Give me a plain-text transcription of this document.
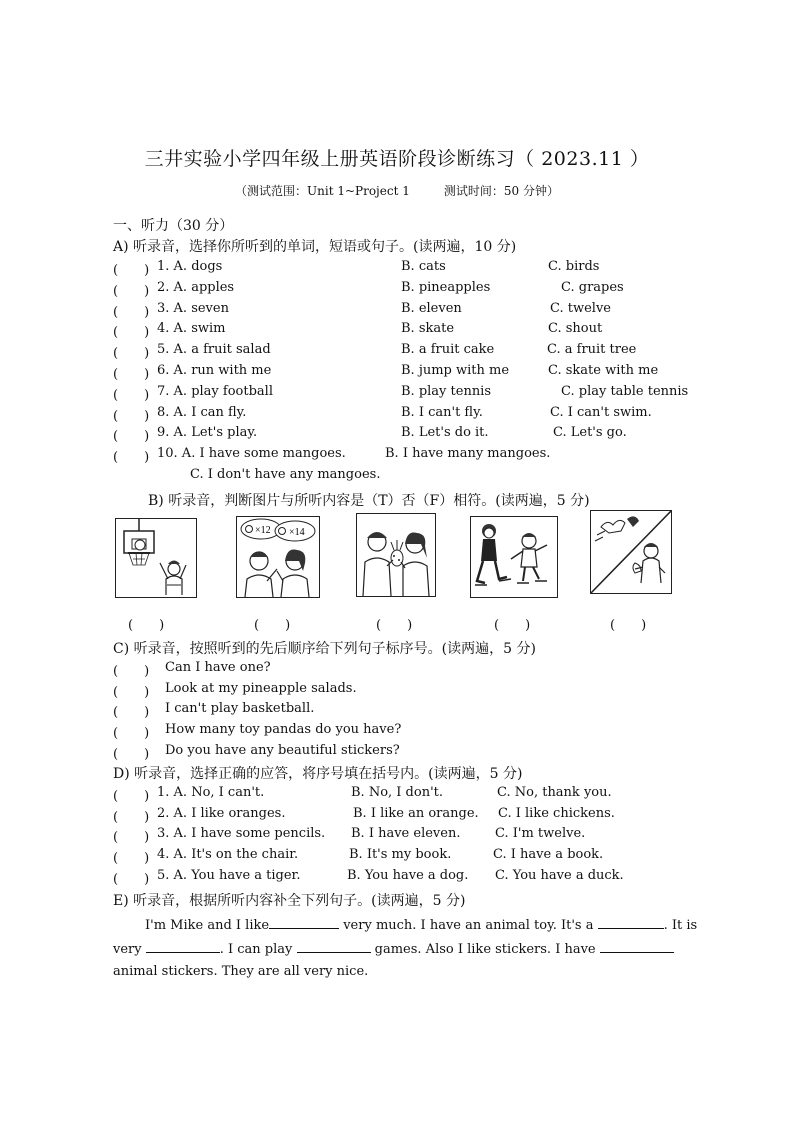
三井实验小学四年级上册英语阶段诊断练习（ 2023.11 ）
（测试范围：Unit 1~Project 1	测试时间：50 分钟）
一、听力（30 分）
A) 听录音，选择你所听到的单词，短语或句子。(读两遍，10 分)
(　　) 1. A. dogs	B. cats	C. birds
(　　) 2. A. apples	B. pineapples	C. grapes
(　　) 3. A. seven	B. eleven	C. twelve
(　　) 4. A. swim	B. skate	C. shout
(　　) 5. A. a fruit salad	B. a fruit cake	C. a fruit tree
(　　) 6. A. run with me	B. jump with me	C. skate with me
(　　) 7. A. play football	B. play tennis	C. play table tennis
(　　) 8. A. I can fly.	B. I can't fly.	C. I can't swim.
(　　) 9. A. Let's play.	B. Let's do it.	C. Let's go.
(　　) 10. A. I have some mangoes.	B. I have many mangoes.
C. I don't have any mangoes.
B) 听录音，判断图片与所听内容是（T）否（F）相符。(读两遍，5 分)
×12 ×14
(　　)	(　　)	(　　)	(　　)	(　　)
C) 听录音，按照听到的先后顺序给下列句子标序号。(读两遍，5 分)
(　　) Can I have one?
(　　) Look at my pineapple salads.
(　　) I can't play basketball.
(　　) How many toy pandas do you have?
(　　) Do you have any beautiful stickers?
D) 听录音，选择正确的应答，将序号填在括号内。(读两遍，5 分)
(　　) 1. A. No, I can't.	B. No, I don't.	C. No, thank you.
(　　) 2. A. I like oranges.	B. I like an orange. C. I like chickens.
(　　) 3. A. I have some pencils. B. I have eleven.	C. I'm twelve.
(　　) 4. A. It's on the chair.	B. It's my book.	C. I have a book.
(　　) 5. A. You have a tiger.	B. You have a dog. C. You have a duck.
E) 听录音，根据所听内容补全下列句子。(读两遍，5 分)
I'm Mike and I like	very much. I have an animal toy. It's a	. It is
very	. I can play	games. Also I like stickers. I have
animal stickers. They are all very nice.
